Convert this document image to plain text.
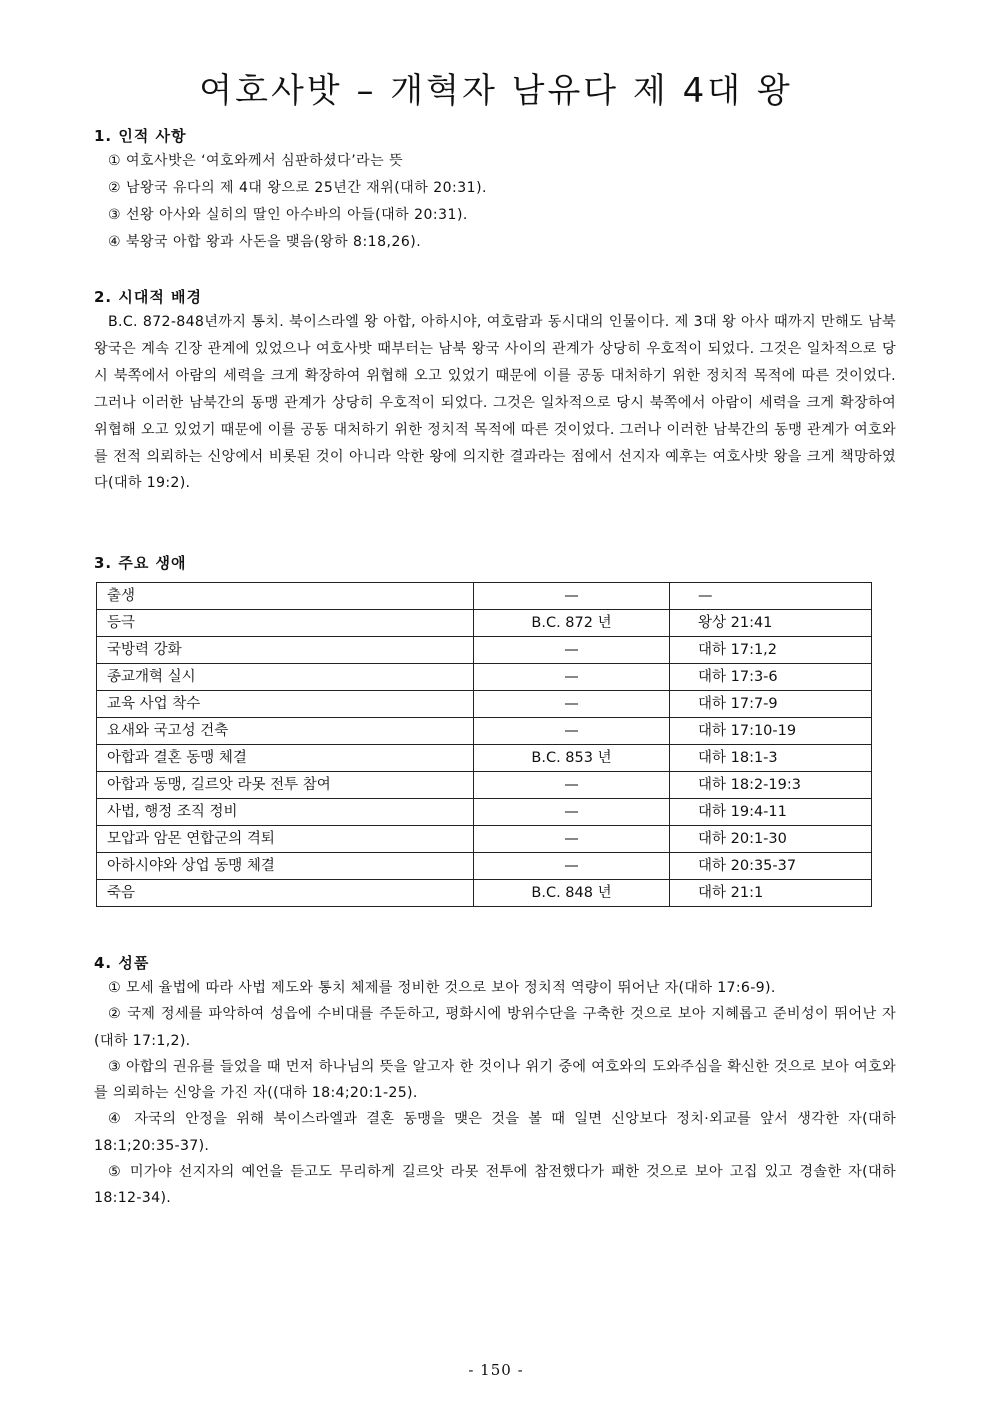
여호사밧 – 개혁자 남유다 제 4대 왕
1. 인적 사항
① 여호사밧은 ‘여호와께서 심판하셨다’라는 뜻
② 남왕국 유다의 제 4대 왕으로 25년간 재위(대하 20:31).
③ 선왕 아사와 실히의 딸인 아수바의 아들(대하 20:31).
④ 북왕국 아합 왕과 사돈을 맺음(왕하 8:18,26).
2. 시대적 배경
B.C. 872-848년까지 통치. 북이스라엘 왕 아합, 아하시야, 여호람과 동시대의 인물이다. 제 3대 왕 아사 때까지 만해도 남북 왕국은 계속 긴장 관계에 있었으나 여호사밧 때부터는 남북 왕국 사이의 관계가 상당히 우호적이 되었다. 그것은 일차적으로 당시 북쪽에서 아람의 세력을 크게 확장하여 위협해 오고 있었기 때문에 이를 공동 대처하기 위한 정치적 목적에 따른 것이었다. 그러나 이러한 남북간의 동맹 관계가 상당히 우호적이 되었다. 그것은 일차적으로 당시 북쪽에서 아람이 세력을 크게 확장하여 위협해 오고 있었기 때문에 이를 공동 대처하기 위한 정치적 목적에 따른 것이었다. 그러나 이러한 남북간의 동맹 관계가 여호와를 전적 의뢰하는 신앙에서 비롯된 것이 아니라 악한 왕에 의지한 결과라는 점에서 선지자 예후는 여호사밧 왕을 크게 책망하였다(대하 19:2).
3. 주요 생애
출생	—	—
등극	B.C. 872 년	왕상 21:41
국방력 강화	—	대하 17:1,2
종교개혁 실시	—	대하 17:3-6
교육 사업 착수	—	대하 17:7-9
요새와 국고성 건축	—	대하 17:10-19
아합과 결혼 동맹 체결	B.C. 853 년	대하 18:1-3
아합과 동맹, 길르앗 라못 전투 참여	—	대하 18:2-19:3
사법, 행정 조직 정비	—	대하 19:4-11
모압과 암몬 연합군의 격퇴	—	대하 20:1-30
아하시야와 상업 동맹 체결	—	대하 20:35-37
죽음	B.C. 848 년	대하 21:1
4. 성품

① 모세 율법에 따라 사법 제도와 통치 체제를 정비한 것으로 보아 정치적 역량이 뛰어난 자(대하 17:6-9).

② 국제 정세를 파악하여 성읍에 수비대를 주둔하고, 평화시에 방위수단을 구축한 것으로 보아 지혜롭고 준비성이 뛰어난 자(대하 17:1,2).

③ 아합의 권유를 들었을 때 먼저 하나님의 뜻을 알고자 한 것이나 위기 중에 여호와의 도와주심을 확신한 것으로 보아 여호와를 의뢰하는 신앙을 가진 자((대하 18:4;20:1-25).

④ 자국의 안정을 위해 북이스라엘과 결혼 동맹을 맺은 것을 볼 때 일면 신앙보다 정치·외교를 앞서 생각한 자(대하 18:1;20:35-37).

⑤ 미가야 선지자의 예언을 듣고도 무리하게 길르앗 라못 전투에 참전했다가 패한 것으로 보아 고집 있고 경솔한 자(대하 18:12-34).

- 150 -
